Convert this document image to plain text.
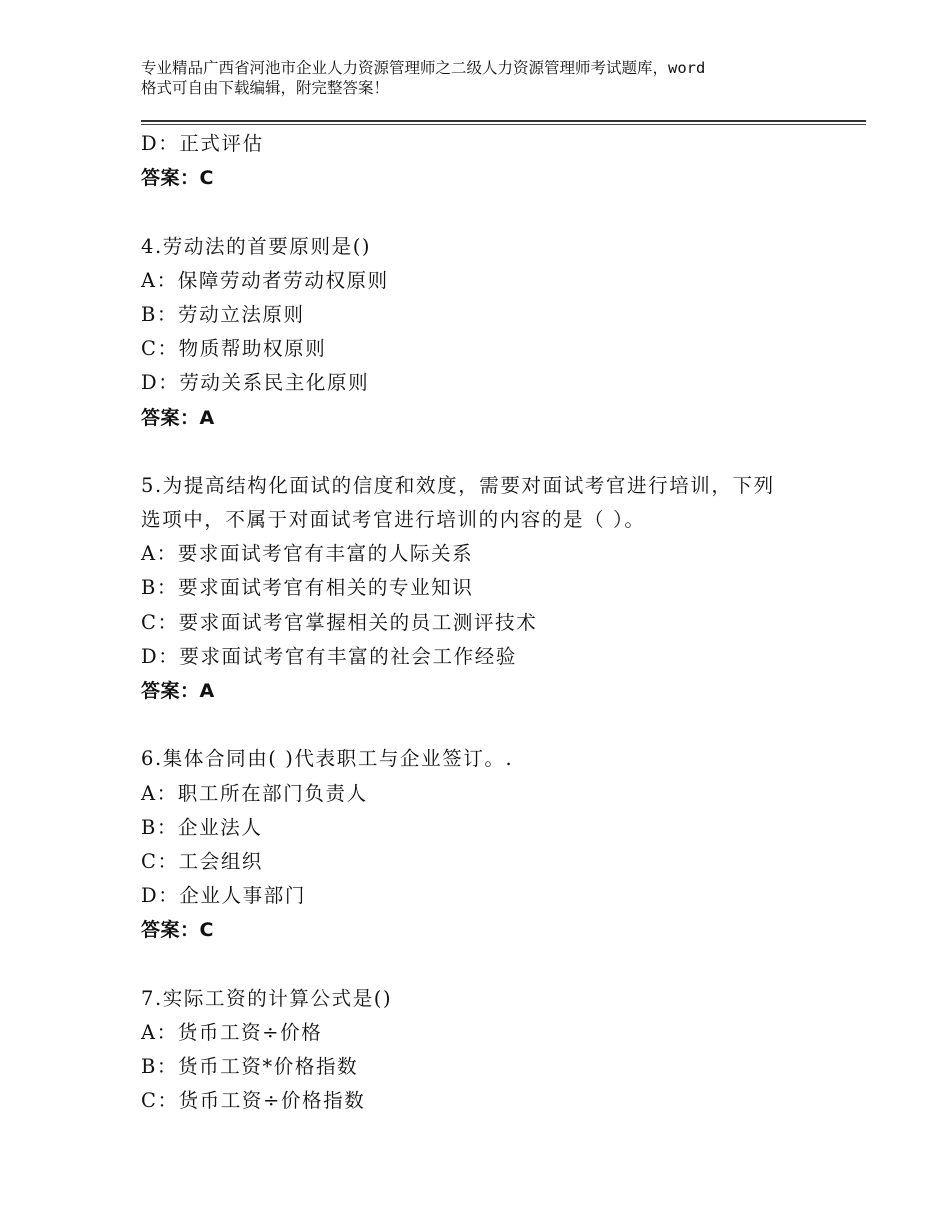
专业精品广西省河池市企业人力资源管理师之二级人力资源管理师考试题库，word
格式可自由下载编辑，附完整答案！
D：正式评估
答案：C
4.劳动法的首要原则是()
A：保障劳动者劳动权原则
B：劳动立法原则
C：物质帮助权原则
D：劳动关系民主化原则
答案：A
5.为提高结构化面试的信度和效度，需要对面试考官进行培训，下列
选项中，不属于对面试考官进行培训的内容的是（ ）。
A：要求面试考官有丰富的人际关系
B：要求面试考官有相关的专业知识
C：要求面试考官掌握相关的员工测评技术
D：要求面试考官有丰富的社会工作经验
答案：A
6.集体合同由( )代表职工与企业签订。.
A：职工所在部门负责人
B：企业法人
C：工会组织
D：企业人事部门
答案：C
7.实际工资的计算公式是()
A：货币工资÷价格
B：货币工资*价格指数
C：货币工资÷价格指数
